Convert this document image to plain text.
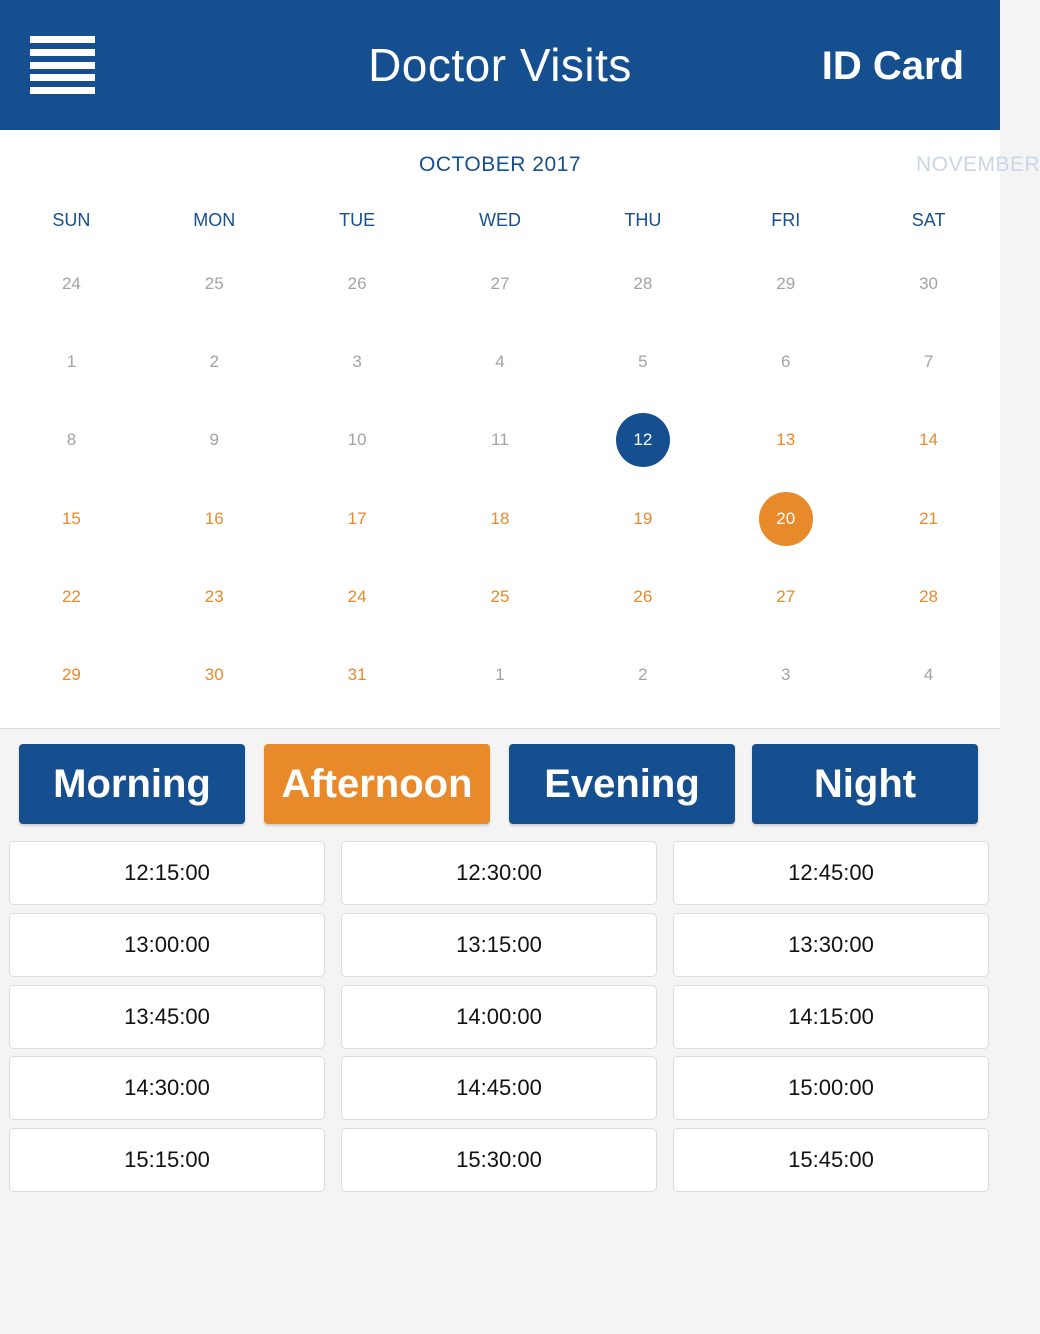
Doctor Visits	ID Card
OCTOBER 2017	NOVEMBER
SUN	MON	TUE	WED	THU	FRI	SAT
24	25	26	27	28	29	30
1	2	3	4	5	6	7
8	9	10	11	12	13	14
15	16	17	18	19	20	21
22	23	24	25	26	27	28
29	30	31	1	2	3	4
Morning	Afternoon	Evening	Night
12:15:00	12:30:00	12:45:00
13:00:00	13:15:00	13:30:00
13:45:00	14:00:00	14:15:00
14:30:00	14:45:00	15:00:00
15:15:00	15:30:00	15:45:00
